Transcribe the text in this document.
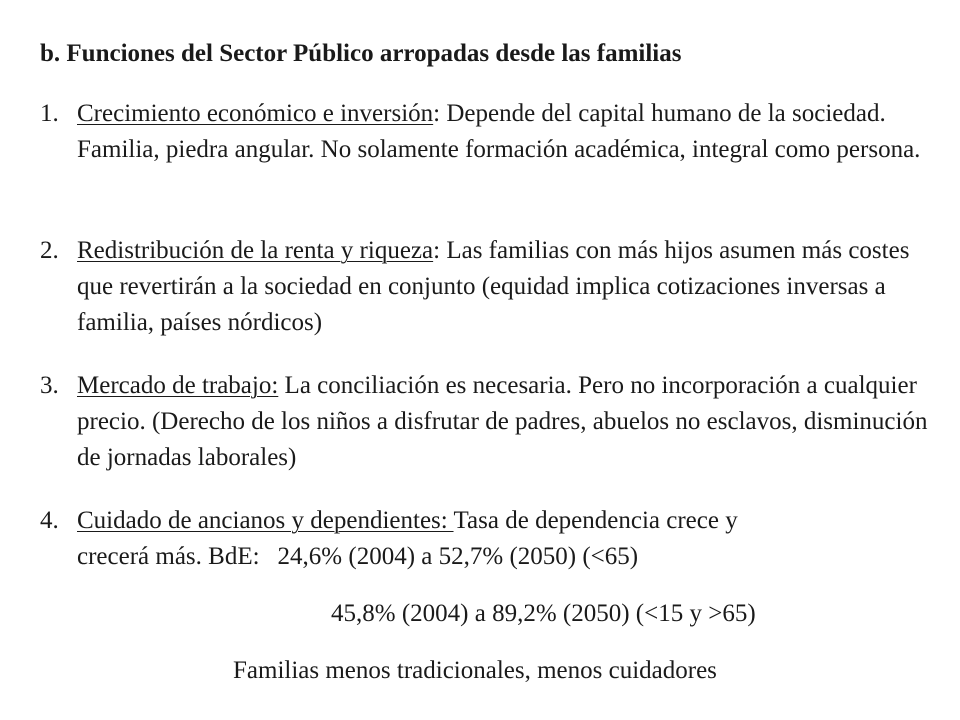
b. Funciones del Sector Público arropadas desde las familias
1. Crecimiento económico e inversión: Depende del capital humano de la sociedad. Familia, piedra angular. No solamente formación académica, integral como persona.
2. Redistribución de la renta y riqueza: Las familias con más hijos asumen más costes que revertirán a la sociedad en conjunto (equidad implica cotizaciones inversas a familia, países nórdicos)
3. Mercado de trabajo: La conciliación es necesaria. Pero no incorporación a cualquier precio. (Derecho de los niños a disfrutar de padres, abuelos no esclavos, disminución de jornadas laborales)
4. Cuidado de ancianos y dependientes: Tasa de dependencia crece y
crecerá más. BdE: 24,6% (2004) a 52,7% (2050) (<65)
45,8% (2004) a 89,2% (2050) (<15 y >65)
Familias menos tradicionales, menos cuidadores
